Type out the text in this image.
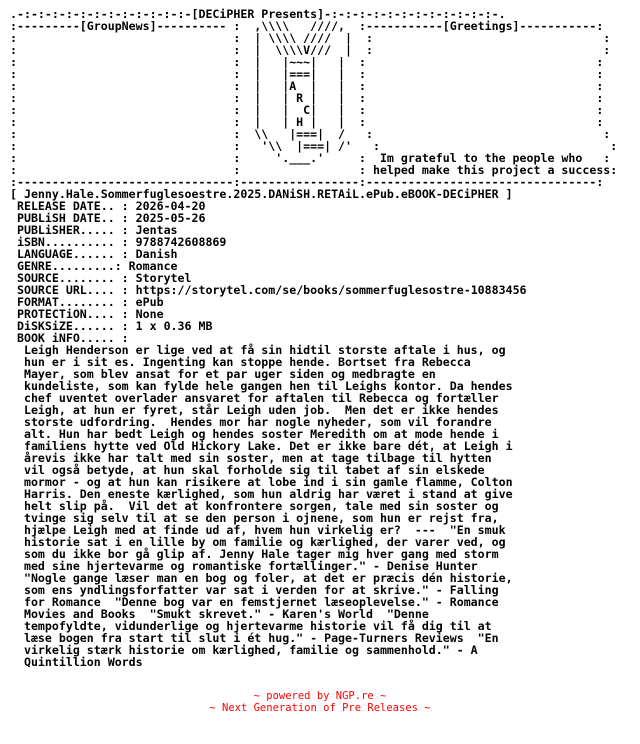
.-:-:-:-:-:-:-:-:-:-:-:-:-[DECiPHER Presents]-:-:-:-:-:-:-:-:-:-:-:-:-.
:---------[GroupNews]---------- :  ,\\\\   ////,  :-----------[Greetings]-----------:
:                               :  | \\\\ ////  |  :                                 :
:                               :  |  \\\\V///  |  :                                 :
:                               :  |   |~~~|   |  :                                 :
:                               :  |   |===|   |  :                                 :
:                               :  |   |A  |   |  :                                 :
:                               :  |   | R |   |  :                                 :
:                               :  |   |  C|   |  :                                 :
:                               :  |   | H |   |  :                                 :
:                               :  \\   |===|  /   :                                 :
:                               :   '\\  |===| /'   :                                 :
:                               :     '.___.'     :  Im grateful to the people who   :
:                               :                 : helped make this project a success:
:-------------------------------:-----------------:---------------------------------:
[ Jenny.Hale.Sommerfuglesoestre.2025.DANiSH.RETAiL.ePub.eBOOK-DECiPHER ]
RELEASE DATE.. : 2026-04-20
PUBLiSH DATE.. : 2025-05-26
PUBLiSHER..... : Jentas
iSBN.......... : 9788742608869
LANGUAGE...... : Danish
GENRE.........: Romance
SOURCE........ : Storytel
SOURCE URL.... : https://storytel.com/se/books/sommerfuglesostre-10883456
FORMAT........ : ePub
PROTECTiON.... : None
DiSKSiZE...... : 1 x 0.36 MB
BOOK iNFO..... :
Leigh Henderson er lige ved at få sin hidtil storste aftale i hus, og
hun er i sit es. Ingenting kan stoppe hende. Bortset fra Rebecca
Mayer, som blev ansat for et par uger siden og medbragte en
kundeliste, som kan fylde hele gangen hen til Leighs kontor. Da hendes
chef uventet overlader ansvaret for aftalen til Rebecca og fortæller
Leigh, at hun er fyret, står Leigh uden job.  Men det er ikke hendes
storste udfordring.  Hendes mor har nogle nyheder, som vil forandre
alt. Hun har bedt Leigh og hendes soster Meredith om at mode hende i
familiens hytte ved Old Hickory Lake. Det er ikke bare dét, at Leigh i
årevis ikke har talt med sin soster, men at tage tilbage til hytten
vil også betyde, at hun skal forholde sig til tabet af sin elskede
mormor - og at hun kan risikere at lobe ind i sin gamle flamme, Colton
Harris. Den eneste kærlighed, som hun aldrig har været i stand at give
helt slip på.  Vil det at konfrontere sorgen, tale med sin soster og
tvinge sig selv til at se den person i ojnene, som hun er rejst fra,
hjælpe Leigh med at finde ud af, hvem hun virkelig er?  ---  "En smuk
historie sat i en lille by om familie og kærlighed, der varer ved, og
som du ikke bor gå glip af. Jenny Hale tager mig hver gang med storm
med sine hjertevarme og romantiske fortællinger." - Denise Hunter
"Nogle gange læser man en bog og foler, at det er præcis dén historie,
som ens yndlingsforfatter var sat i verden for at skrive." - Falling
for Romance  "Denne bog var en femstjernet læseoplevelse." - Romance
Movies and Books  "Smukt skrevet." - Karen's World  "Denne
tempofyldte, vidunderlige og hjertevarme historie vil få dig til at
læse bogen fra start til slut i ét hug." - Page-Turners Reviews  "En
virkelig stærk historie om kærlighed, familie og sammenhold." - A
Quintillion Words
~ powered by NGP.re ~
~ Next Generation of Pre Releases ~
